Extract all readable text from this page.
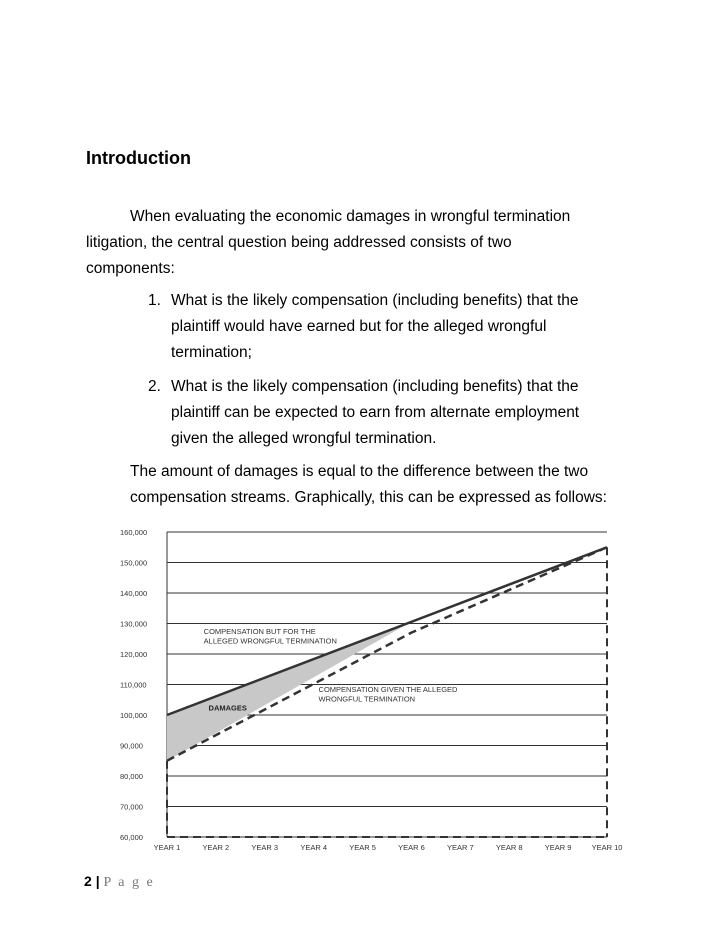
Introduction

When evaluating the economic damages in wrongful termination

litigation, the central question being addressed consists of two

components:

1. What is the likely compensation (including benefits) that the

plaintiff would have earned but for the alleged wrongful

termination;

2. What is the likely compensation (including benefits) that the

plaintiff can be expected to earn from alternate employment

given the alleged wrongful termination.

The amount of damages is equal to the difference between the two

compensation streams. Graphically, this can be expressed as follows:

60,000
70,000
80,000
90,000
100,000
110,000
120,000
130,000
140,000
150,000
160,000
YEAR 1	YEAR 2	YEAR 3	YEAR 4	YEAR 5	YEAR 6	YEAR 7	YEAR 8	YEAR 9	YEAR 10
COMPENSATION BUT FOR THE
ALLEGED WRONGFUL TERMINATION
COMPENSATION GIVEN THE ALLEGED
WRONGFUL TERMINATION
DAMAGES
2 | P a g e
